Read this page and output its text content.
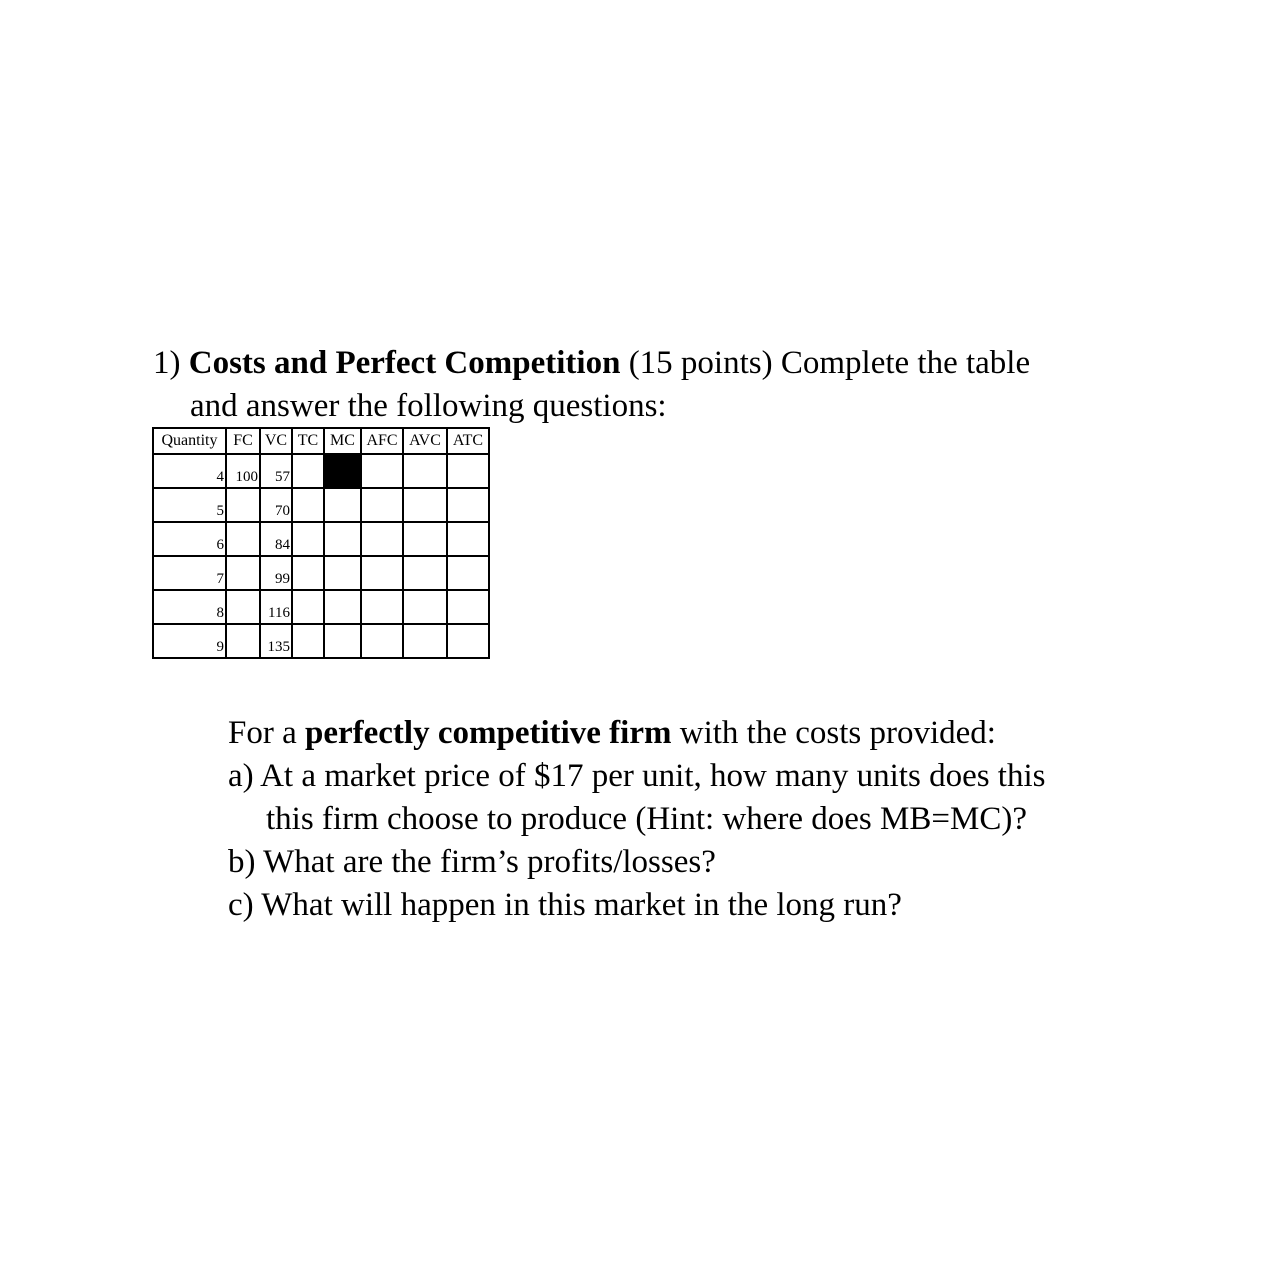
1) Costs and Perfect Competition (15 points) Complete the table
and answer the following questions:
Quantity	FC	VC	TC	MC	AFC	AVC	ATC
4	100	57					
5		70					
6		84					
7		99					
8		116					
9		135					

For a perfectly competitive firm with the costs provided:

a) At a market price of $17 per unit, how many units does this

this firm choose to produce (Hint: where does MB=MC)?

b) What are the firm’s profits/losses?

c) What will happen in this market in the long run?
